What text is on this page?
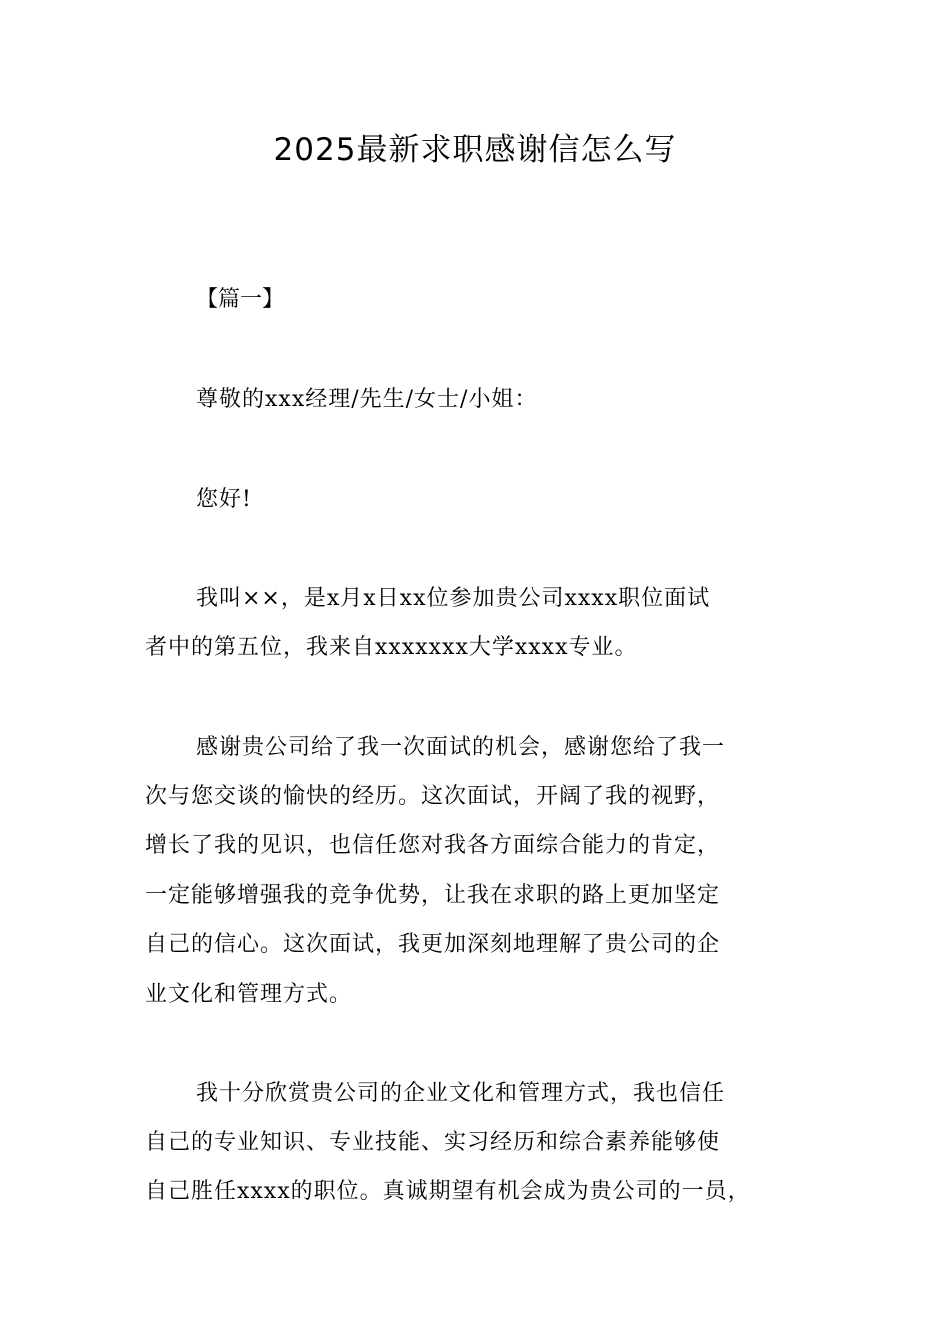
2025最新求职感谢信怎么写
【篇一】
尊敬的xxx经理/先生/女士/小姐：
您好!
我叫××，是x月x日xx位参加贵公司xxxx职位面试
者中的第五位，我来自xxxxxxx大学xxxx专业。
感谢贵公司给了我一次面试的机会，感谢您给了我一
次与您交谈的愉快的经历。这次面试，开阔了我的视野，
增长了我的见识，也信任您对我各方面综合能力的肯定，
一定能够增强我的竞争优势，让我在求职的路上更加坚定
自己的信心。这次面试，我更加深刻地理解了贵公司的企
业文化和管理方式。
我十分欣赏贵公司的企业文化和管理方式，我也信任
自己的专业知识、专业技能、实习经历和综合素养能够使
自己胜任xxxx的职位。真诚期望有机会成为贵公司的一员，
